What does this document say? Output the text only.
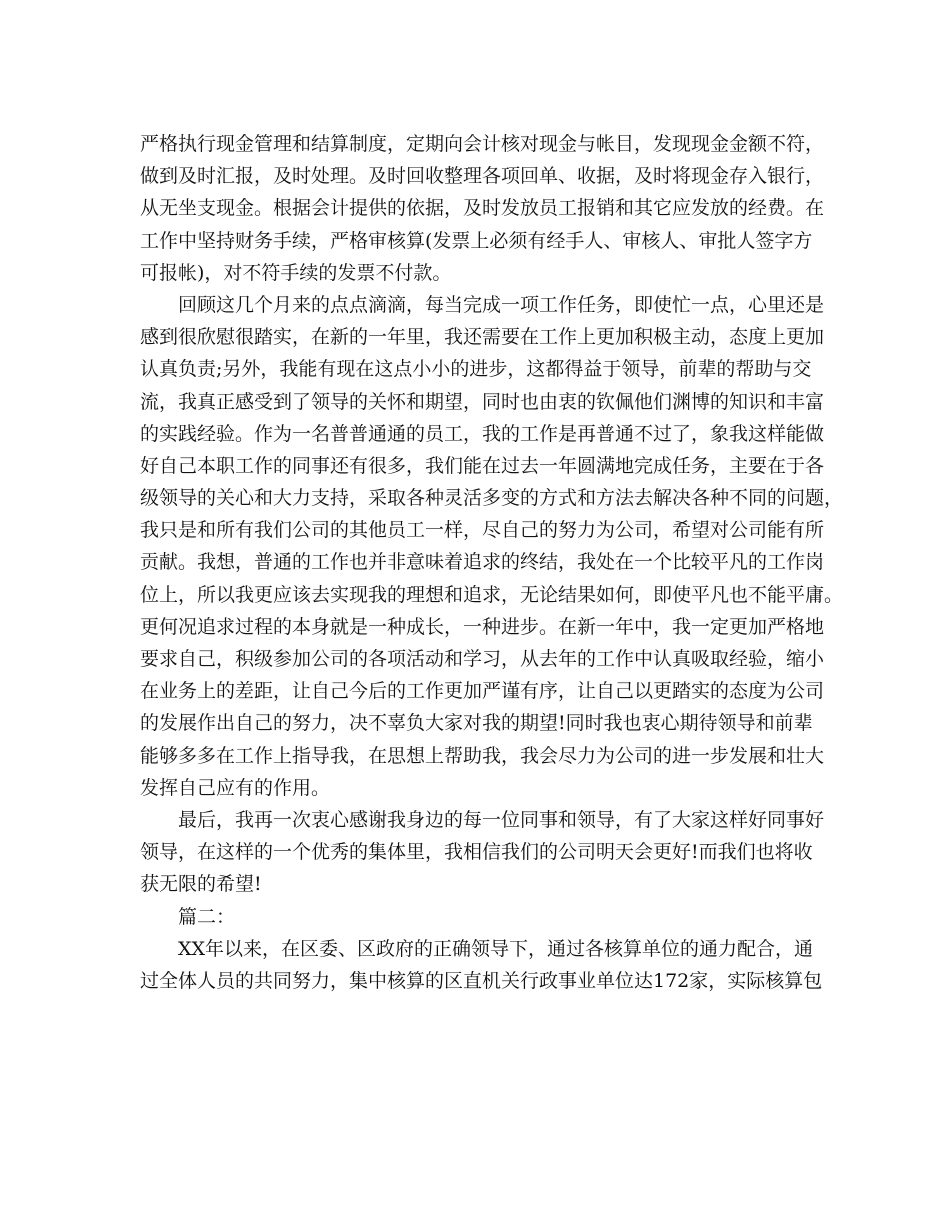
严格执行现金管理和结算制度，定期向会计核对现金与帐目，发现现金金额不符，
做到及时汇报，及时处理。及时回收整理各项回单、收据，及时将现金存入银行，
从无坐支现金。根据会计提供的依据，及时发放员工报销和其它应发放的经费。在
工作中坚持财务手续，严格审核算(发票上必须有经手人、审核人、审批人签字方
可报帐)，对不符手续的发票不付款。
回顾这几个月来的点点滴滴，每当完成一项工作任务，即使忙一点，心里还是
感到很欣慰很踏实，在新的一年里，我还需要在工作上更加积极主动，态度上更加
认真负责;另外，我能有现在这点小小的进步，这都得益于领导，前辈的帮助与交
流，我真正感受到了领导的关怀和期望，同时也由衷的钦佩他们渊博的知识和丰富
的实践经验。作为一名普普通通的员工，我的工作是再普通不过了，象我这样能做
好自己本职工作的同事还有很多，我们能在过去一年圆满地完成任务，主要在于各
级领导的关心和大力支持，采取各种灵活多变的方式和方法去解决各种不同的问题，
我只是和所有我们公司的其他员工一样，尽自己的努力为公司，希望对公司能有所
贡献。我想，普通的工作也并非意味着追求的终结，我处在一个比较平凡的工作岗
位上，所以我更应该去实现我的理想和追求，无论结果如何，即使平凡也不能平庸。
更何况追求过程的本身就是一种成长，一种进步。在新一年中，我一定更加严格地
要求自己，积级参加公司的各项活动和学习，从去年的工作中认真吸取经验，缩小
在业务上的差距，让自己今后的工作更加严谨有序，让自己以更踏实的态度为公司
的发展作出自己的努力，决不辜负大家对我的期望!同时我也衷心期待领导和前辈
能够多多在工作上指导我，在思想上帮助我，我会尽力为公司的进一步发展和壮大
发挥自己应有的作用。
最后，我再一次衷心感谢我身边的每一位同事和领导，有了大家这样好同事好
领导，在这样的一个优秀的集体里，我相信我们的公司明天会更好!而我们也将收
获无限的希望!
篇二：
XX年以来，在区委、区政府的正确领导下，通过各核算单位的通力配合，通
过全体人员的共同努力，集中核算的区直机关行政事业单位达172家，实际核算包
